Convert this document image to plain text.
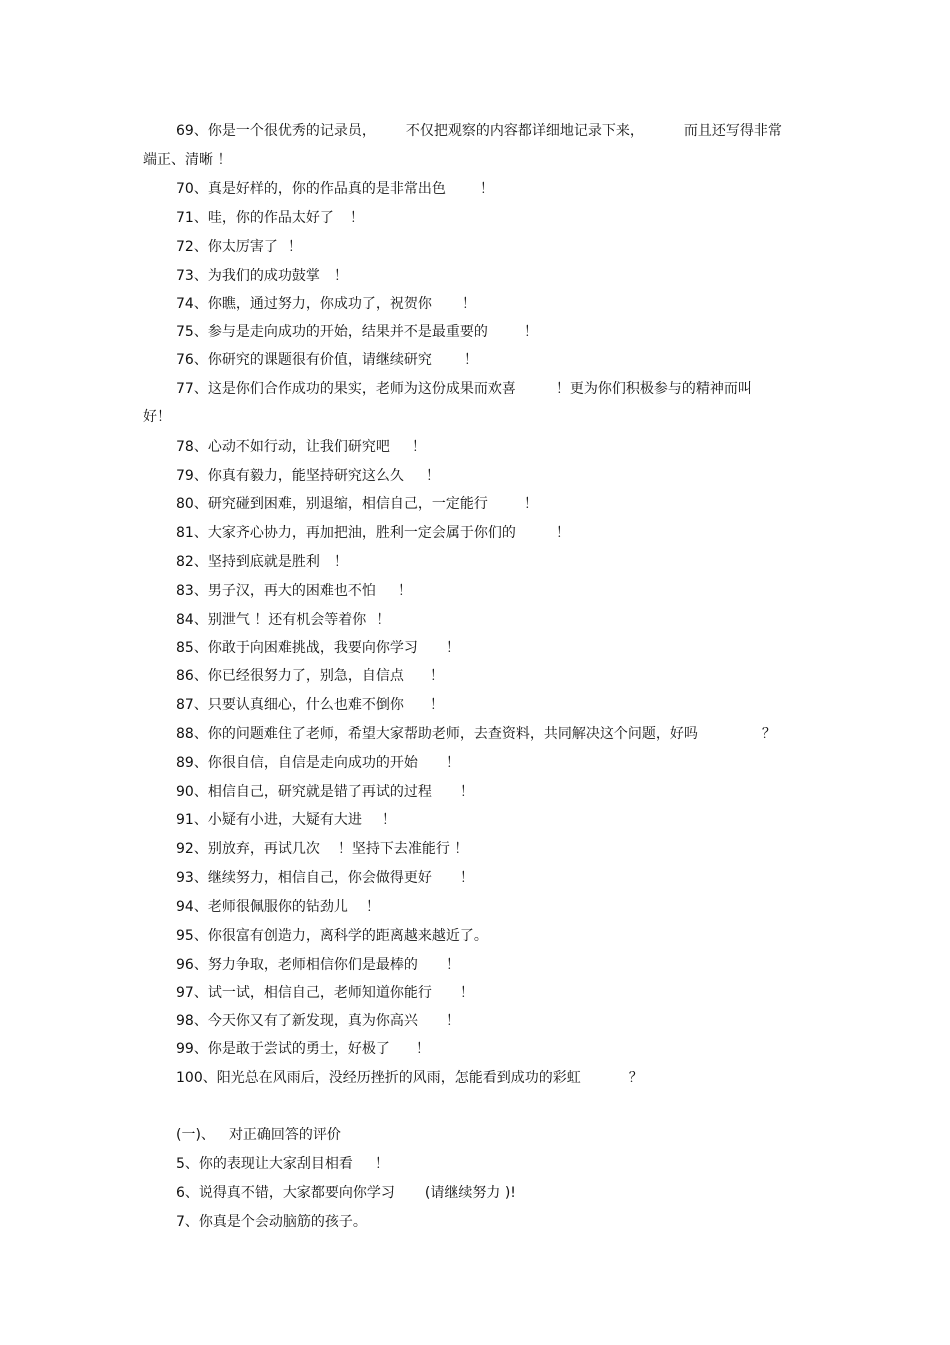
69、你是一个很优秀的记录员， 不仅把观察的内容都详细地记录下来，	而且还写得非常
端正、清晰 ！
70、真是好样的，你的作品真的是非常出色 ！
71、哇，你的作品太好了 ！
72、你太厉害了 ！
73、为我们的成功鼓掌 ！
74、你瞧，通过努力，你成功了，祝贺你 ！
75、参与是走向成功的开始，结果并不是最重要的	！
76、你研究的课题很有价值，请继续研究 ！
77、这是你们合作成功的果实，老师为这份成果而欢喜	！更为你们积极参与的精神而叫
好！
78、心动不如行动，让我们研究吧 ！
79、你真有毅力，能坚持研究这么久 ！
80、研究碰到困难，别退缩，相信自己，一定能行	！
81、大家齐心协力，再加把油，胜利一定会属于你们的	！
82、坚持到底就是胜利 ！
83、男子汉，再大的困难也不怕 ！
84、别泄气 ！还有机会等着你 ！
85、你敢于向困难挑战，我要向你学习 ！
86、你已经很努力了，别急，自信点 ！
87、只要认真细心，什么也难不倒你 ！
88、你的问题难住了老师，希望大家帮助老师，去查资料，共同解决这个问题，好吗	？
89、你很自信，自信是走向成功的开始 ！
90、相信自己，研究就是错了再试的过程 ！
91、小疑有小进，大疑有大进 ！
92、别放弃，再试几次 ！坚持下去准能行 ！
93、继续努力，相信自己，你会做得更好 ！
94、老师很佩服你的钻劲儿 ！
95、你很富有创造力，离科学的距离越来越近了。
96、努力争取，老师相信你们是最棒的 ！
97、试一试，相信自己，老师知道你能行 ！
98、今天你又有了新发现，真为你高兴 ！
99、你是敢于尝试的勇士，好极了 ！
100、阳光总在风雨后，没经历挫折的风雨，怎能看到成功的彩虹	？
(一)、 对正确回答的评价
5、你的表现让大家刮目相看 ！
6、说得真不错，大家都要向你学习 (请继续努力 )!
7、你真是个会动脑筋的孩子。
